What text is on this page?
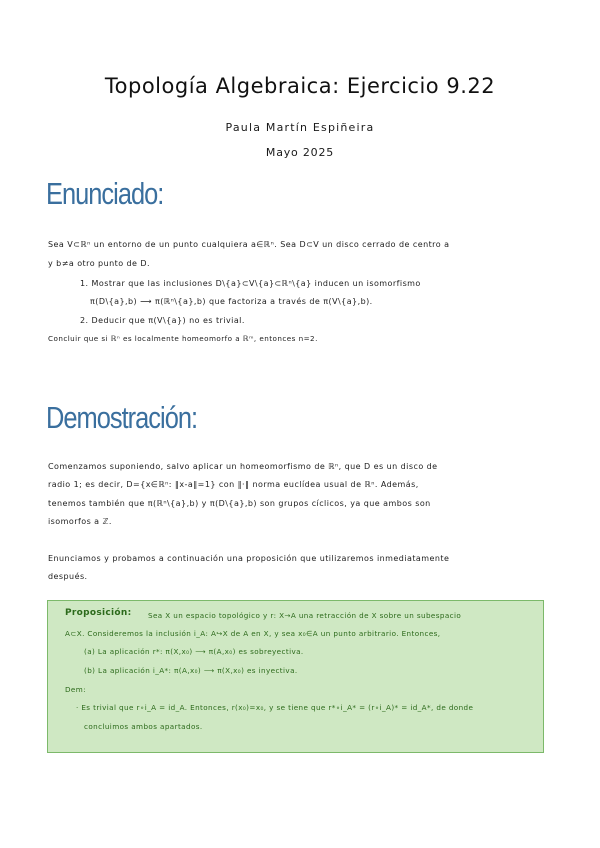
Topología Algebraica: Ejercicio 9.22
Paula Martín Espiñeira
Mayo 2025
Enunciado:
Sea V⊂ℝⁿ un entorno de un punto cualquiera a∈ℝⁿ. Sea D⊂V un disco cerrado de centro a
y b≠a otro punto de D.
1. Mostrar que las inclusiones D\{a}⊂V\{a}⊂ℝⁿ\{a} inducen un isomorfismo
π(D\{a},b) ⟶ π(ℝⁿ\{a},b) que factoriza a través de π(V\{a},b).
2. Deducir que π(V\{a}) no es trivial.
Concluir que si ℝⁿ es localmente homeomorfo a ℝᵐ, entonces n=2.
Demostración:
Comenzamos suponiendo, salvo aplicar un homeomorfismo de ℝⁿ, que D es un disco de
radio 1; es decir, D={x∈ℝⁿ: ‖x-a‖=1} con ‖·‖ norma euclídea usual de ℝⁿ. Además,
tenemos también que π(ℝⁿ\{a},b) y π(D\{a},b) son grupos cíclicos, ya que ambos son
isomorfos a ℤ.
Enunciamos y probamos a continuación una proposición que utilizaremos inmediatamente
después.
Proposición: Sea X un espacio topológico y r: X→A una retracción de X sobre un subespacio
A⊂X. Consideremos la inclusión i_A: A↪X de A en X, y sea x₀∈A un punto arbitrario. Entonces,
(a) La aplicación r*: π(X,x₀) ⟶ π(A,x₀) es sobreyectiva.
(b) La aplicación i_A*: π(A,x₀) ⟶ π(X,x₀) es inyectiva.
Dem:
· Es trivial que r∘i_A = id_A. Entonces, r(x₀)=x₀, y se tiene que r*∘i_A* = (r∘i_A)* = id_A*, de donde
concluimos ambos apartados.
